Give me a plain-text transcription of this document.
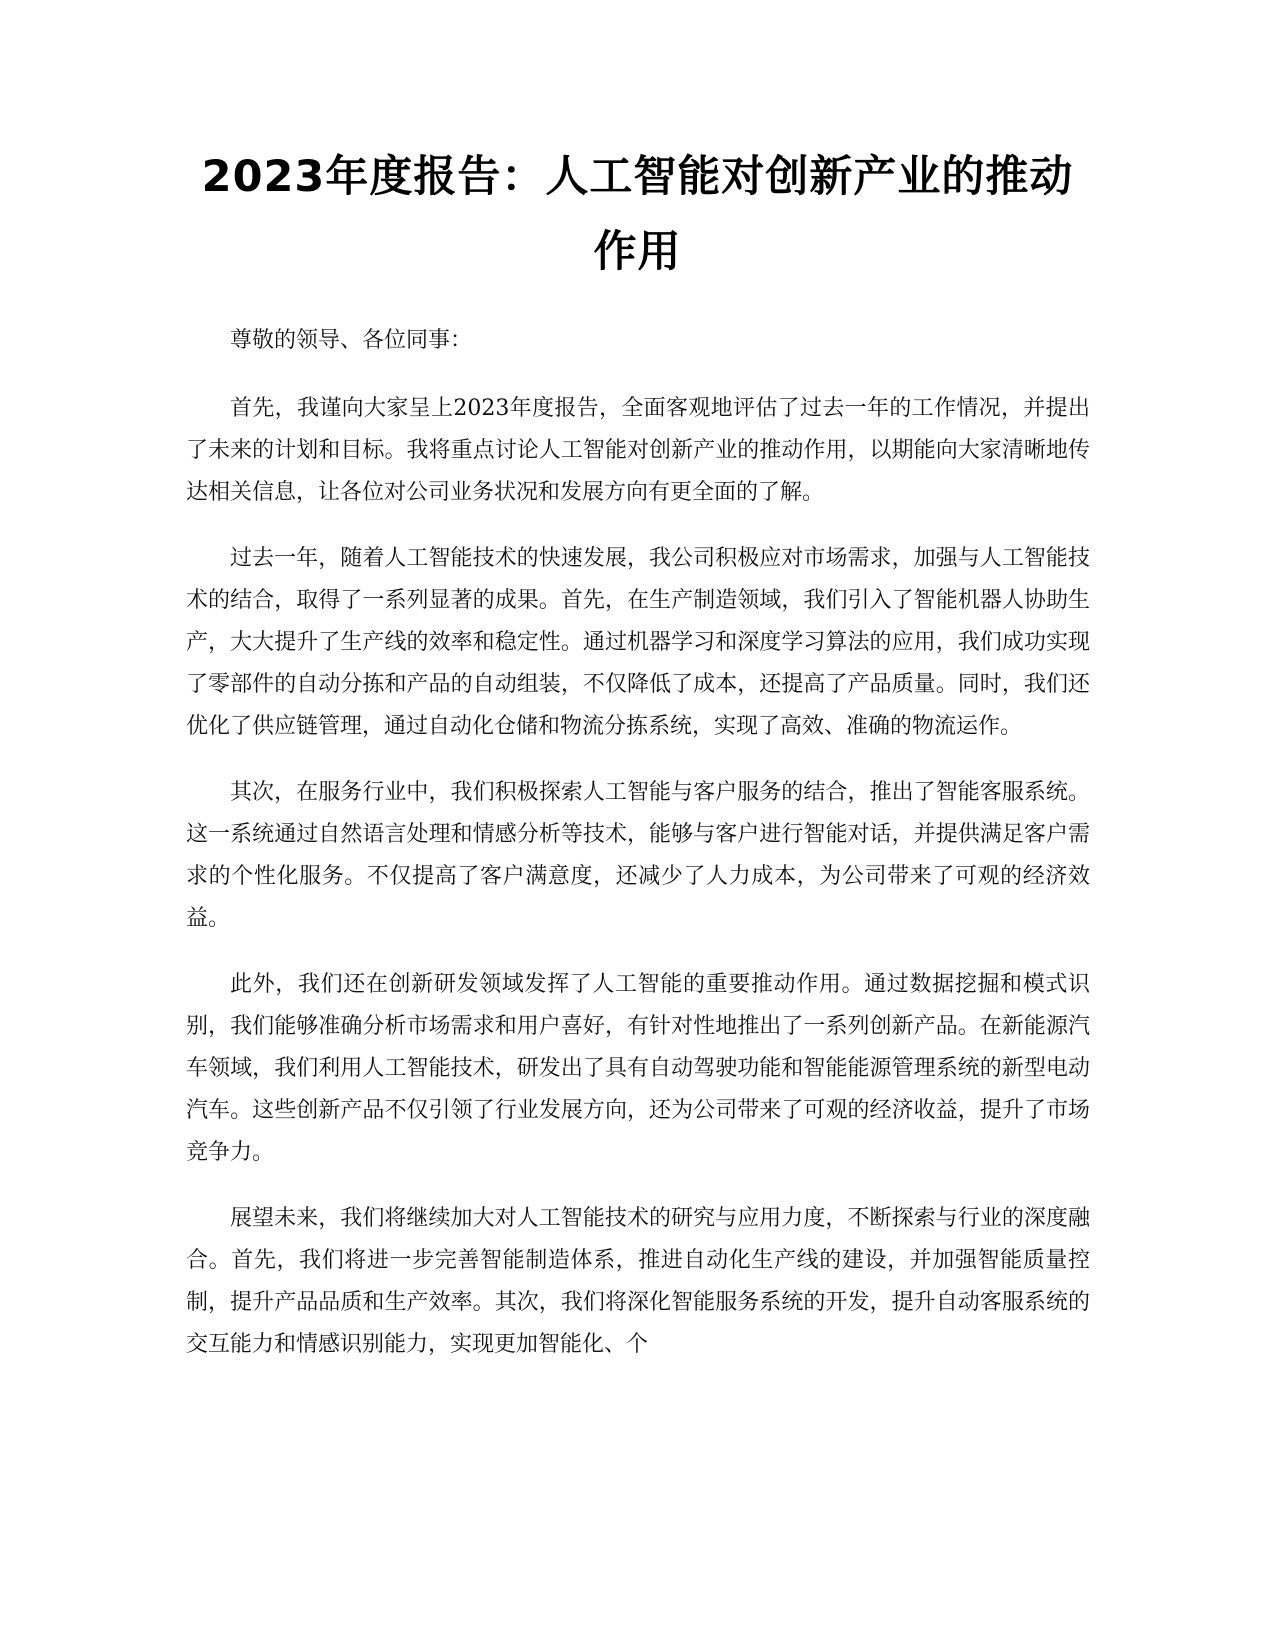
2023年度报告：人工智能对创新产业的推动作用

尊敬的领导、各位同事：

首先，我谨向大家呈上2023年度报告，全面客观地评估了过去一年的工作情况，并提出了未来的计划和目标。我将重点讨论人工智能对创新产业的推动作用，以期能向大家清晰地传达相关信息，让各位对公司业务状况和发展方向有更全面的了解。

过去一年，随着人工智能技术的快速发展，我公司积极应对市场需求，加强与人工智能技术的结合，取得了一系列显著的成果。首先，在生产制造领域，我们引入了智能机器人协助生产，大大提升了生产线的效率和稳定性。通过机器学习和深度学习算法的应用，我们成功实现了零部件的自动分拣和产品的自动组装，不仅降低了成本，还提高了产品质量。同时，我们还优化了供应链管理，通过自动化仓储和物流分拣系统，实现了高效、准确的物流运作。

其次，在服务行业中，我们积极探索人工智能与客户服务的结合，推出了智能客服系统。这一系统通过自然语言处理和情感分析等技术，能够与客户进行智能对话，并提供满足客户需求的个性化服务。不仅提高了客户满意度，还减少了人力成本，为公司带来了可观的经济效益。

此外，我们还在创新研发领域发挥了人工智能的重要推动作用。通过数据挖掘和模式识别，我们能够准确分析市场需求和用户喜好，有针对性地推出了一系列创新产品。在新能源汽车领域，我们利用人工智能技术，研发出了具有自动驾驶功能和智能能源管理系统的新型电动汽车。这些创新产品不仅引领了行业发展方向，还为公司带来了可观的经济收益，提升了市场竞争力。

展望未来，我们将继续加大对人工智能技术的研究与应用力度，不断探索与行业的深度融合。首先，我们将进一步完善智能制造体系，推进自动化生产线的建设，并加强智能质量控制，提升产品品质和生产效率。其次，我们将深化智能服务系统的开发，提升自动客服系统的交互能力和情感识别能力，实现更加智能化、个
